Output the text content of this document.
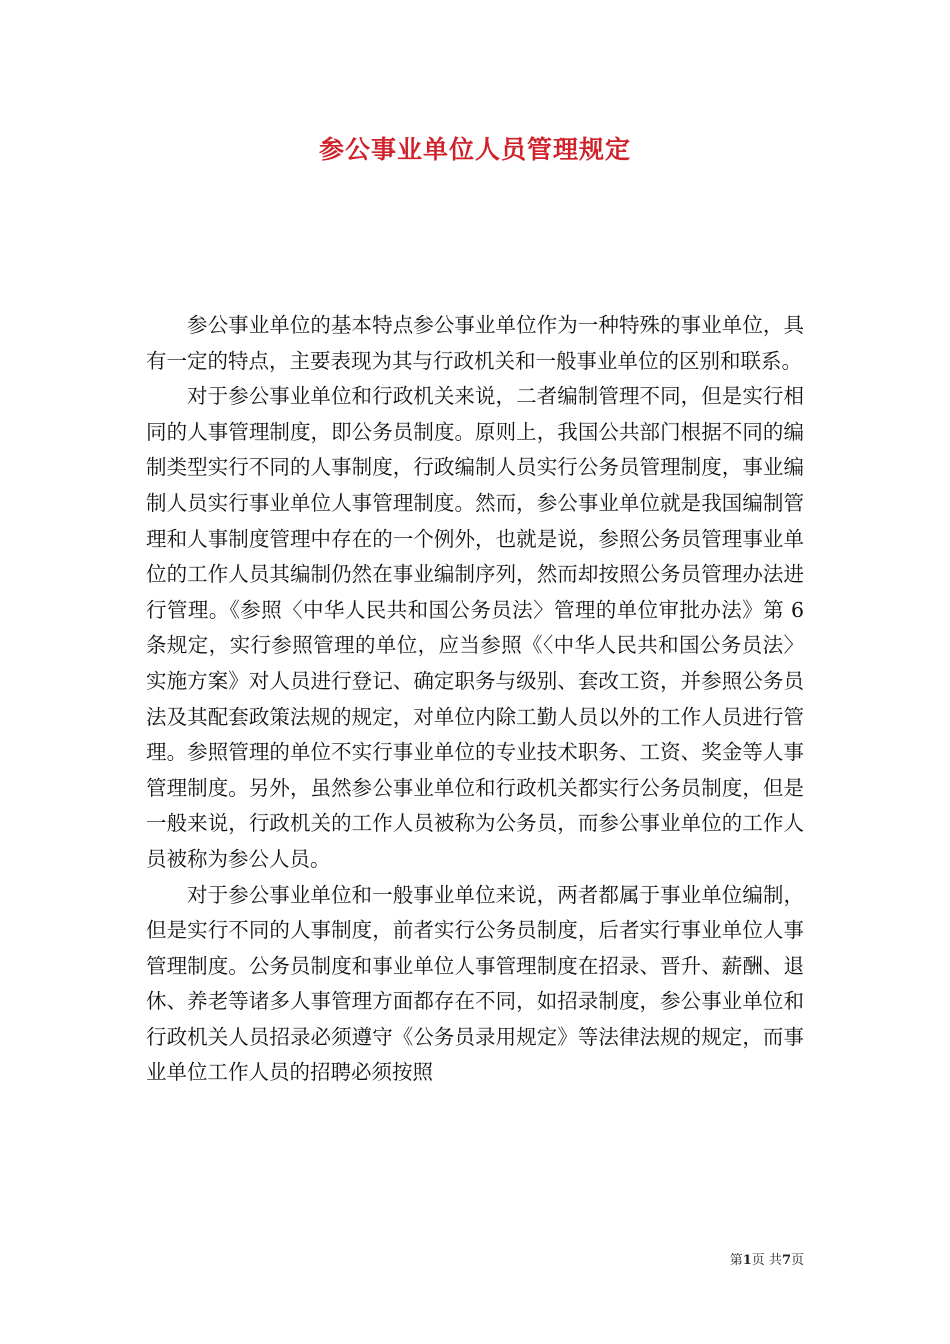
参公事业单位人员管理规定

参公事业单位的基本特点参公事业单位作为一种特殊的事业单位，具有一定的特点，主要表现为其与行政机关和一般事业单位的区别和联系。

对于参公事业单位和行政机关来说，二者编制管理不同，但是实行相同的人事管理制度，即公务员制度。原则上，我国公共部门根据不同的编制类型实行不同的人事制度，行政编制人员实行公务员管理制度，事业编制人员实行事业单位人事管理制度。然而，参公事业单位就是我国编制管理和人事制度管理中存在的一个例外，也就是说，参照公务员管理事业单位的工作人员其编制仍然在事业编制序列，然而却按照公务员管理办法进行管理。《参照〈中华人民共和国公务员法〉管理的单位审批办法》第 6 条规定，实行参照管理的单位，应当参照《〈中华人民共和国公务员法〉实施方案》对人员进行登记、确定职务与级别、套改工资，并参照公务员法及其配套政策法规的规定，对单位内除工勤人员以外的工作人员进行管理。参照管理的单位不实行事业单位的专业技术职务、工资、奖金等人事管理制度。另外，虽然参公事业单位和行政机关都实行公务员制度，但是一般来说，行政机关的工作人员被称为公务员，而参公事业单位的工作人员被称为参公人员。

对于参公事业单位和一般事业单位来说，两者都属于事业单位编制，但是实行不同的人事制度，前者实行公务员制度，后者实行事业单位人事管理制度。公务员制度和事业单位人事管理制度在招录、晋升、薪酬、退休、养老等诸多人事管理方面都存在不同，如招录制度，参公事业单位和行政机关人员招录必须遵守《公务员录用规定》等法律法规的规定，而事业单位工作人员的招聘必须按照

第1页 共7页
